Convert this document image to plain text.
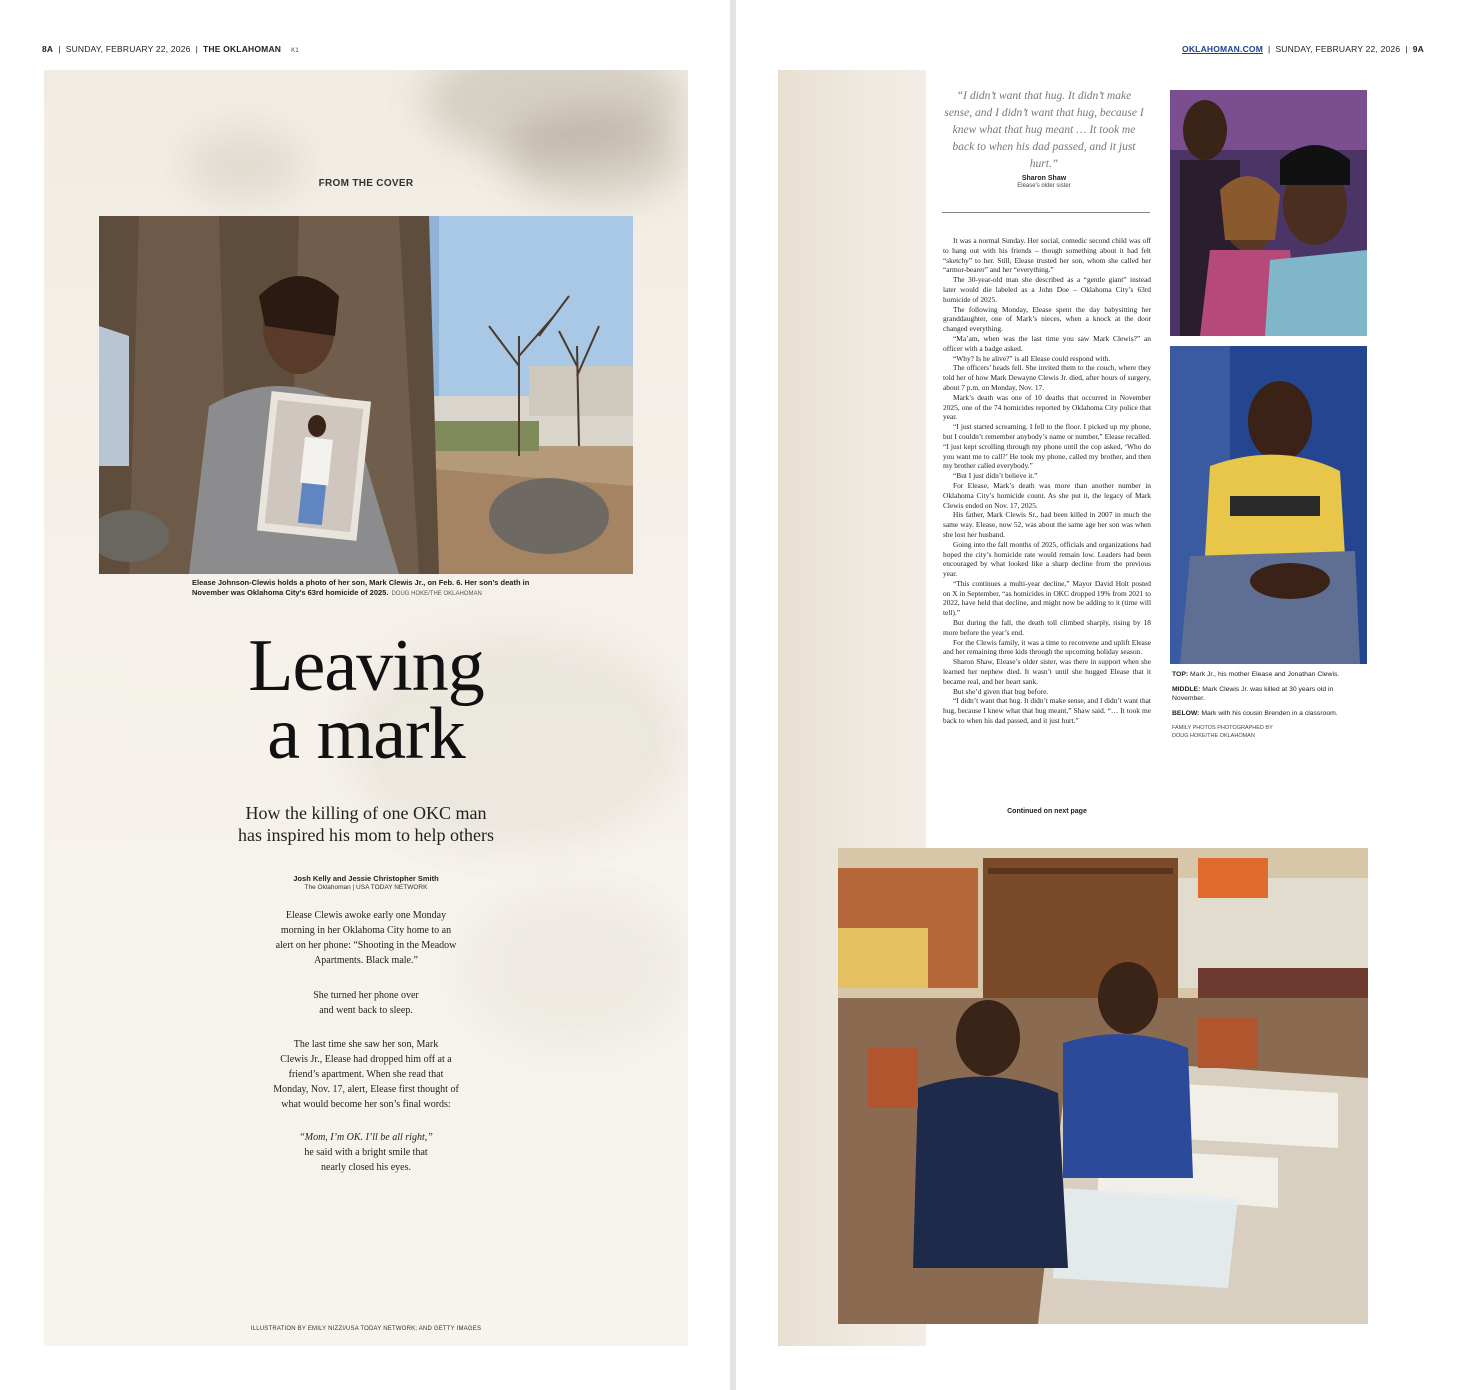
8A | SUNDAY, FEBRUARY 22, 2026 | THE OKLAHOMAN K1
FROM THE COVER
Elease Johnson-Clewis holds a photo of her son, Mark Clewis Jr., on Feb. 6. Her son's death in November was Oklahoma City's 63rd homicide of 2025. DOUG HOKE/THE OKLAHOMAN
Leaving
a mark
How the killing of one OKC man
has inspired his mom to help others
Josh Kelly and Jessie Christopher Smith
The Oklahoman | USA TODAY NETWORK
Elease Clewis awoke early one Monday
morning in her Oklahoma City home to an
alert on her phone: “Shooting in the Meadow
Apartments. Black male.”
She turned her phone over
and went back to sleep.
The last time she saw her son, Mark
Clewis Jr., Elease had dropped him off at a
friend’s apartment. When she read that
Monday, Nov. 17, alert, Elease first thought of
what would become her son’s final words:
“Mom, I’m OK. I’ll be all right,”
he said with a bright smile that
nearly closed his eyes.
ILLUSTRATION BY EMILY NIZZI/USA TODAY NETWORK; AND GETTY IMAGES
OKLAHOMAN.COM | SUNDAY, FEBRUARY 22, 2026 | 9A
“I didn’t want that hug. It didn’t make sense, and I didn’t want that hug, because I knew what that hug meant … It took me back to when his dad passed, and it just hurt.”
Sharon Shaw
Elease's older sister

It was a normal Sunday. Her social, comedic second child was off to hang out with his friends – though something about it had felt “sketchy” to her. Still, Elease trusted her son, whom she called her “armor-bearer” and her “everything.”

The 30-year-old man she described as a “gentle giant” instead later would die labeled as a John Doe – Oklahoma City’s 63rd homicide of 2025.

The following Monday, Elease spent the day babysitting her granddaughter, one of Mark’s nieces, when a knock at the door changed everything.

“Ma’am, when was the last time you saw Mark Clewis?” an officer with a badge asked.

“Why? Is he alive?” is all Elease could respond with.

The officers’ heads fell. She invited them to the couch, where they told her of how Mark Dewayne Clewis Jr. died, after hours of surgery, about 7 p.m. on Monday, Nov. 17.

Mark’s death was one of 10 deaths that occurred in November 2025, one of the 74 homicides reported by Oklahoma City police that year.

“I just started screaming. I fell to the floor. I picked up my phone, but I couldn’t remember anybody’s name or number,” Elease recalled. “I just kept scrolling through my phone until the cop asked, ‘Who do you want me to call?’ He took my phone, called my brother, and then my brother called everybody.”

“But I just didn’t believe it.”

For Elease, Mark’s death was more than another number in Oklahoma City’s homicide count. As she put it, the legacy of Mark Clewis ended on Nov. 17, 2025.

His father, Mark Clewis Sr., had been killed in 2007 in much the same way. Elease, now 52, was about the same age her son was when she lost her husband.

Going into the fall months of 2025, officials and organizations had hoped the city’s homicide rate would remain low. Leaders had been encouraged by what looked like a sharp decline from the previous year.

“This continues a multi-year decline,” Mayor David Holt posted on X in September, “as homicides in OKC dropped 19% from 2021 to 2022, have held that decline, and might now be adding to it (time will tell).”

But during the fall, the death toll climbed sharply, rising by 18 more before the year’s end.

For the Clewis family, it was a time to reconvene and uplift Elease and her remaining three kids through the upcoming holiday season.

Sharon Shaw, Elease’s older sister, was there in support when she learned her nephew died. It wasn’t until she hugged Elease that it became real, and her heart sank.

But she’d given that hug before.

“I didn’t want that hug. It didn’t make sense, and I didn’t want that hug, because I knew what that hug meant,” Shaw said. “… It took me back to when his dad passed, and it just hurt.”

Continued on next page

TOP: Mark Jr., his mother Elease and Jonathan Clewis.

MIDDLE: Mark Clewis Jr. was killed at 30 years old in November.

BELOW: Mark with his cousin Brenden in a classroom.

FAMILY PHOTOS PHOTOGRAPHED BY
DOUG HOKE/THE OKLAHOMAN
